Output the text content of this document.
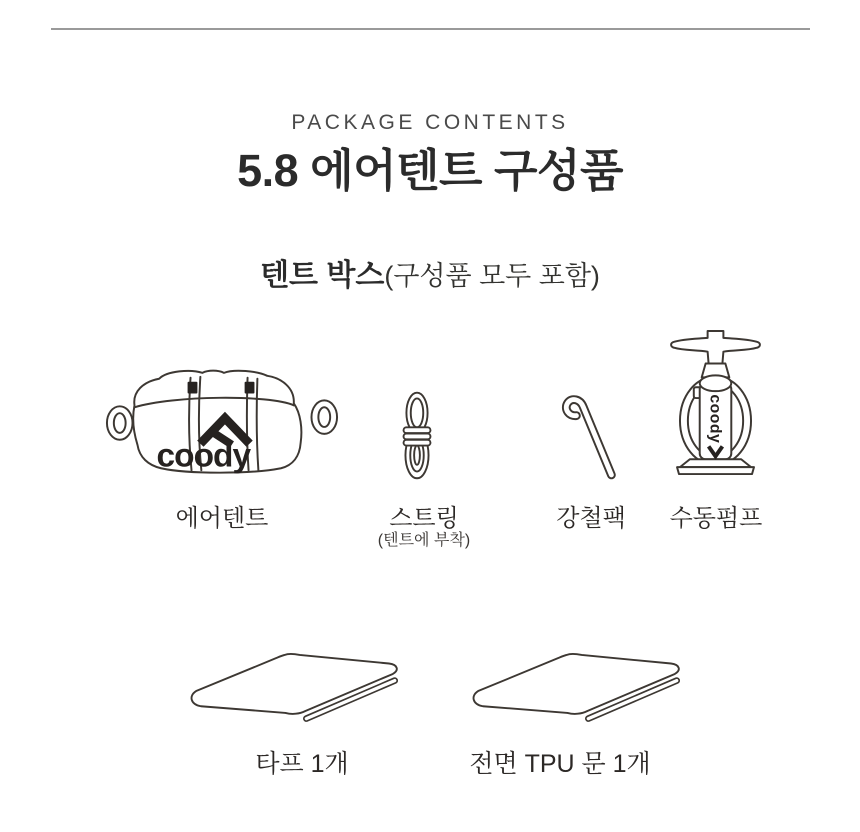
PACKAGE CONTENTS
5.8 에어텐트 구성품
텐트 박스(구성품 모두 포함)
coody
에어텐트	스트링
(텐트에 부착)
강철팩
coody
수동펌프
타프 1개	전면 TPU 문 1개
